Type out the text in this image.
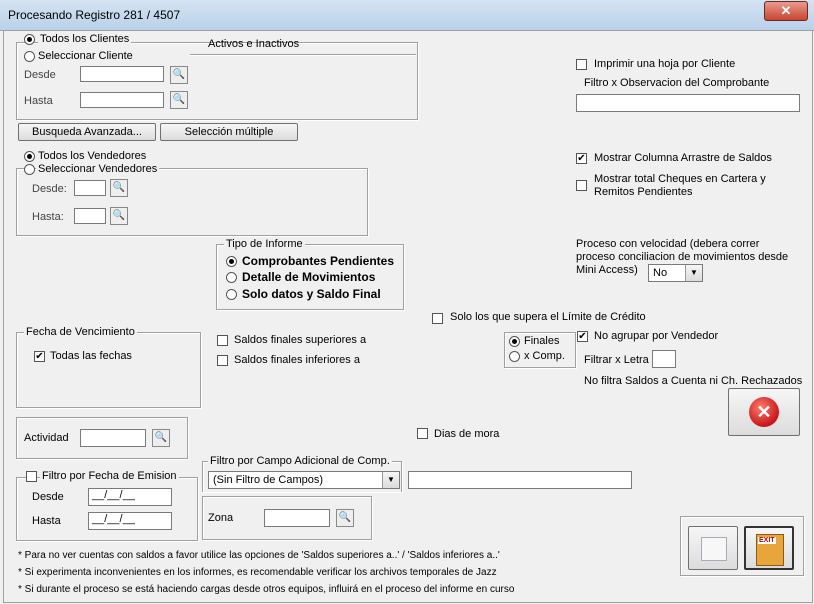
Procesando Registro 281 / 4507	✕
Todos los Clientes
Seleccionar Cliente
Activos e Inactivos
Desde	🔍
Hasta	🔍
Busqueda Avanzada...	Selección múltiple
Todos los Vendedores
Seleccionar Vendedores
Desde:	🔍
Hasta:	🔍
Imprimir una hoja por Cliente
Filtro x Observacion del Comprobante
✔ Mostrar Columna Arrastre de Saldos
Mostrar total Cheques en Cartera y
Remitos Pendientes
Proceso con velocidad (debera correr
proceso conciliacion de movimientos desde
Mini Access) No	▼
Tipo de Informe
Comprobantes Pendientes
Detalle de Movimientos
Solo datos y Saldo Final
Solo los que supera el Límite de Crédito
Finales
x Comp.
✔ No agrupar por Vendedor
Filtrar x Letra
No filtra Saldos a Cuenta ni Ch. Rechazados
✕
Fecha de Vencimiento
✔ Todas las fechas
Saldos finales superiores a
Saldos finales inferiores a
Actividad	🔍	Dias de mora
Filtro por Fecha de Emision
Desde	__/__/__
Hasta	__/__/__
Filtro por Campo Adicional de Comp.
(Sin Filtro de Campos)	▼
Zona	🔍
EXIT
* Para no ver cuentas con saldos a favor utilice las opciones de 'Saldos superiores a..' / 'Saldos inferiores a..'
* Si experimenta inconvenientes en los informes, es recomendable verificar los archivos temporales de Jazz
* Si durante el proceso se está haciendo cargas desde otros equipos, influirá en el proceso del informe en curso
